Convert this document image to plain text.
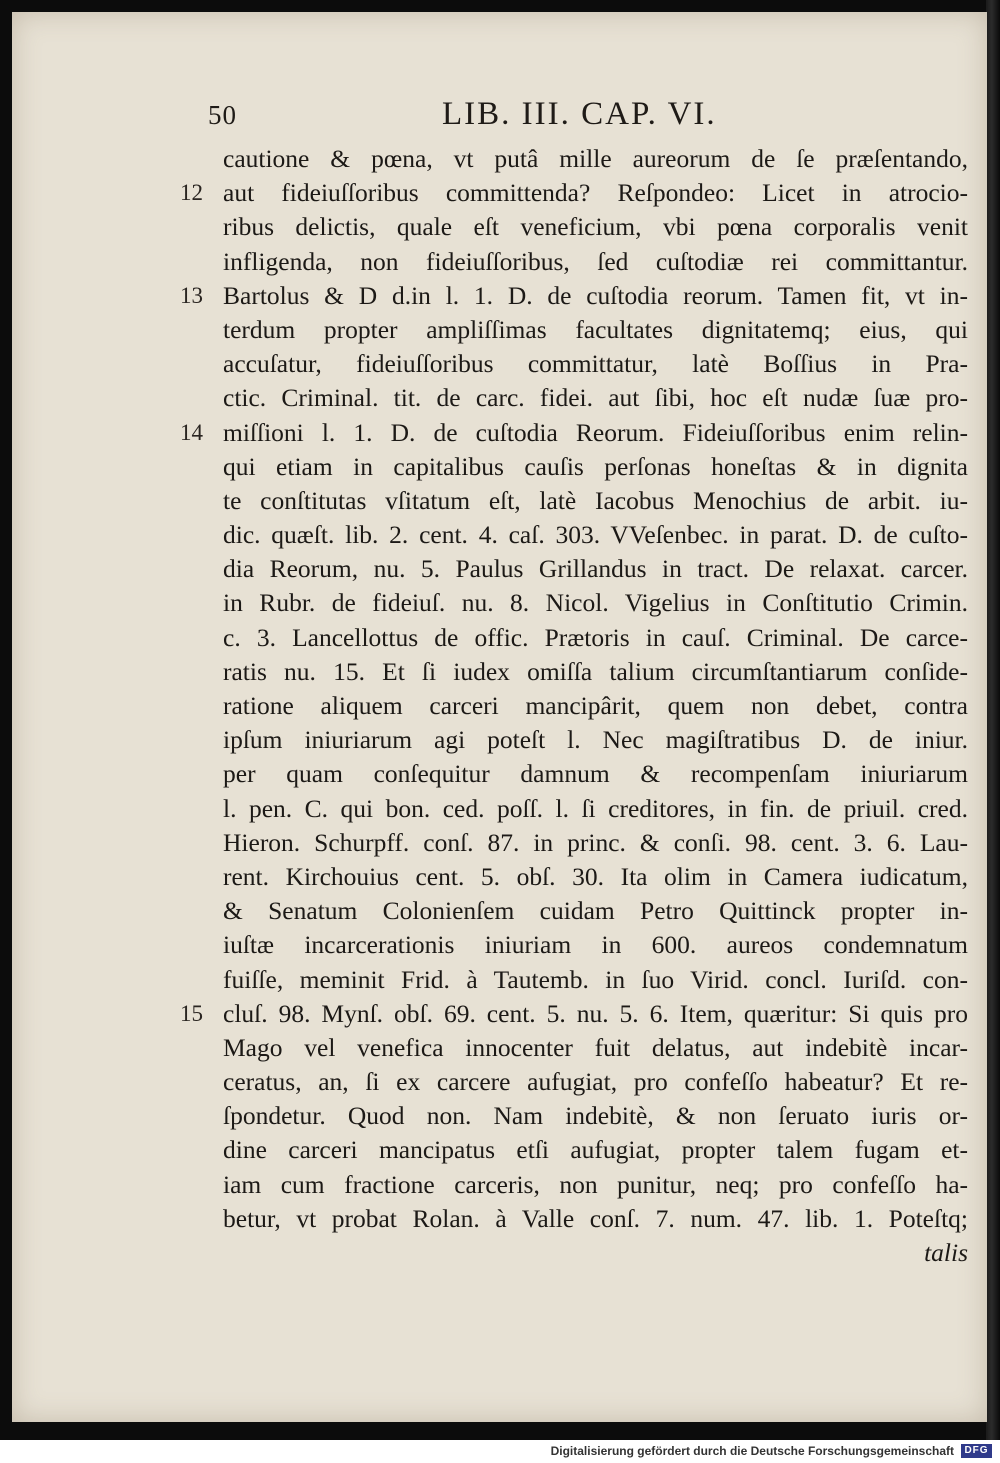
50	LIB. III. CAP. VI.
cautione & pœna, vt putâ mille aureorum de ſe præſentando,
12 aut fideiuſſoribus committenda? Reſpondeo: Licet in atrocio-
ribus delictis, quale eſt veneficium, vbi pœna corporalis venit
infligenda, non fideiuſſoribus, ſed cuſtodiæ rei committantur.
13 Bartolus & D d.in l. 1. D. de cuſtodia reorum. Tamen fit, vt in-
terdum propter ampliſſimas facultates dignitatemq; eius, qui
accuſatur, fideiuſſoribus committatur, latè Boſſius in Pra-
ctic. Criminal. tit. de carc. fidei. aut ſibi, hoc eſt nudæ ſuæ pro-
14 miſſioni l. 1. D. de cuſtodia Reorum. Fideiuſſoribus enim relin-
qui etiam in capitalibus cauſis perſonas honeſtas & in dignita
te conſtitutas vſitatum eſt, latè Iacobus Menochius de arbit. iu-
dic. quæſt. lib. 2. cent. 4. caſ. 303. VVeſenbec. in parat. D. de cuſto-
dia Reorum, nu. 5. Paulus Grillandus in tract. De relaxat. carcer.
in Rubr. de fideiuſ. nu. 8. Nicol. Vigelius in Conſtitutio Crimin.
c. 3. Lancellottus de offic. Prætoris in cauſ. Criminal. De carce-
ratis nu. 15. Et ſi iudex omiſſa talium circumſtantiarum conſide-
ratione aliquem carceri mancipârit, quem non debet, contra
ipſum iniuriarum agi poteſt l. Nec magiſtratibus D. de iniur.
per quam conſequitur damnum & recompenſam iniuriarum
l. pen. C. qui bon. ced. poſſ. l. ſi creditores, in fin. de priuil. cred.
Hieron. Schurpff. conſ. 87. in princ. & conſi. 98. cent. 3. 6. Lau-
rent. Kirchouius cent. 5. obſ. 30. Ita olim in Camera iudicatum,
& Senatum Colonienſem cuidam Petro Quittinck propter in-
iuſtæ incarcerationis iniuriam in 600. aureos condemnatum
fuiſſe, meminit Frid. à Tautemb. in ſuo Virid. concl. Iuriſd. con-
15 cluſ. 98. Mynſ. obſ. 69. cent. 5. nu. 5. 6. Item, quæritur: Si quis pro
Mago vel venefica innocenter fuit delatus, aut indebitè incar-
ceratus, an, ſi ex carcere aufugiat, pro confeſſo habeatur? Et re-
ſpondetur. Quod non. Nam indebitè, & non ſeruato iuris or-
dine carceri mancipatus etſi aufugiat, propter talem fugam et-
iam cum fractione carceris, non punitur, neq; pro confeſſo ha-
betur, vt probat Rolan. à Valle conſ. 7. num. 47. lib. 1. Poteſtq;
talis
Digitalisierung gefördert durch die Deutsche Forschungsgemeinschaft	DFG
